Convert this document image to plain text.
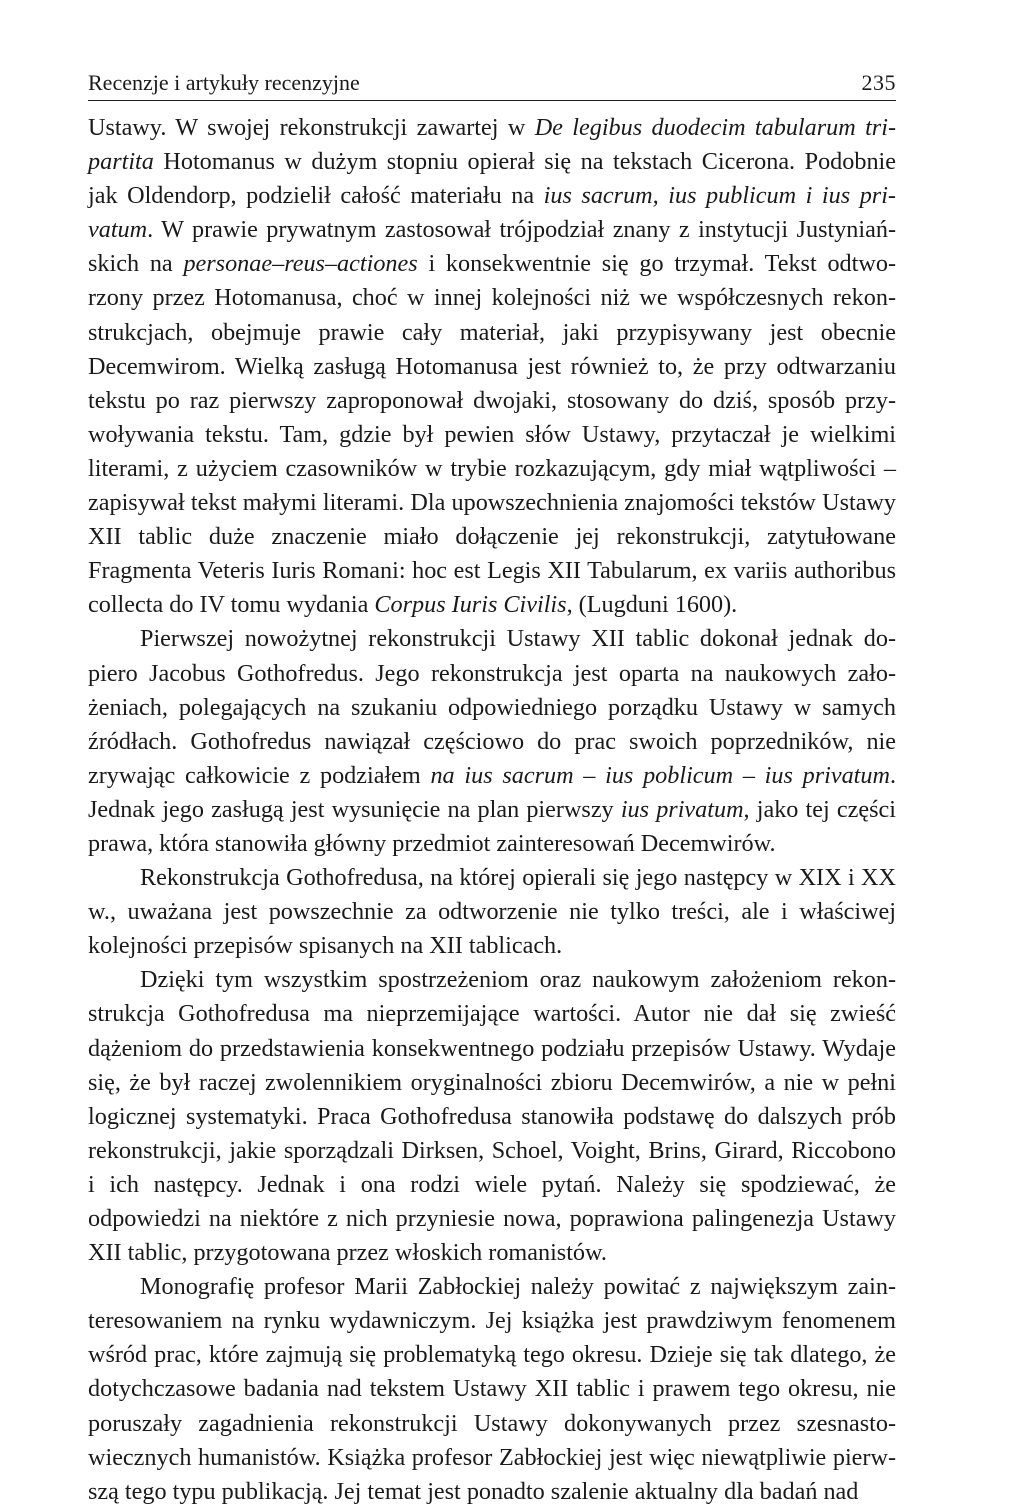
Recenzje i artykuły recenzyjne	235

Ustawy. W swojej rekonstrukcji zawartej w De legibus duodecim tabularum tripartita Hotomanus w dużym stopniu opierał się na tekstach Cicerona. Podobnie jak Oldendorp, podzielił całość materiału na ius sacrum, ius publicum i ius privatum. W prawie prywatnym zastosował trójpodział znany z instytucji Justyniańskich na personae–reus–actiones i konsekwentnie się go trzymał. Tekst odtworzony przez Hotomanusa, choć w innej kolejności niż we współczesnych rekonstrukcjach, obejmuje prawie cały materiał, jaki przypisywany jest obecnie Decemwirom. Wielką zasługą Hotomanusa jest również to, że przy odtwarzaniu tekstu po raz pierwszy zaproponował dwojaki, stosowany do dziś, sposób przywoływania tekstu. Tam, gdzie był pewien słów Ustawy, przytaczał je wielkimi literami, z użyciem czasowników w trybie rozkazującym, gdy miał wątpliwości – zapisywał tekst małymi literami. Dla upowszechnienia znajomości tekstów Ustawy XII tablic duże znaczenie miało dołączenie jej rekonstrukcji, zatytułowane Fragmenta Veteris Iuris Romani: hoc est Legis XII Tabularum, ex variis authoribus collecta do IV tomu wydania Corpus Iuris Civilis, (Lugduni 1600).

Pierwszej nowożytnej rekonstrukcji Ustawy XII tablic dokonał jednak dopiero Jacobus Gothofredus. Jego rekonstrukcja jest oparta na naukowych założeniach, polegających na szukaniu odpowiedniego porządku Ustawy w samych źródłach. Gothofredus nawiązał częściowo do prac swoich poprzedników, nie zrywając całkowicie z podziałem na ius sacrum – ius poblicum – ius privatum. Jednak jego zasługą jest wysunięcie na plan pierwszy ius privatum, jako tej części prawa, która stanowiła główny przedmiot zainteresowań Decemwirów.

Rekonstrukcja Gothofredusa, na której opierali się jego następcy w XIX i XX w., uważana jest powszechnie za odtworzenie nie tylko treści, ale i właściwej kolejności przepisów spisanych na XII tablicach.

Dzięki tym wszystkim spostrzeżeniom oraz naukowym założeniom rekonstrukcja Gothofredusa ma nieprzemijające wartości. Autor nie dał się zwieść dążeniom do przedstawienia konsekwentnego podziału przepisów Ustawy. Wydaje się, że był raczej zwolennikiem oryginalności zbioru Decemwirów, a nie w pełni logicznej systematyki. Praca Gothofredusa stanowiła podstawę do dalszych prób rekonstrukcji, jakie sporządzali Dirksen, Schoel, Voight, Brins, Girard, Riccobono i ich następcy. Jednak i ona rodzi wiele pytań. Należy się spodziewać, że odpowiedzi na niektóre z nich przyniesie nowa, poprawiona palingenezja Ustawy XII tablic, przygotowana przez włoskich romanistów.

Monografię profesor Marii Zabłockiej należy powitać z największym zainteresowaniem na rynku wydawniczym. Jej książka jest prawdziwym fenomenem wśród prac, które zajmują się problematyką tego okresu. Dzieje się tak dlatego, że dotychczasowe badania nad tekstem Ustawy XII tablic i prawem tego okresu, nie poruszały zagadnienia rekonstrukcji Ustawy dokonywanych przez szesnastowiecznych humanistów. Książka profesor Zabłockiej jest więc niewątpliwie pierwszą tego typu publikacją. Jej temat jest ponadto szalenie aktualny dla badań nad
